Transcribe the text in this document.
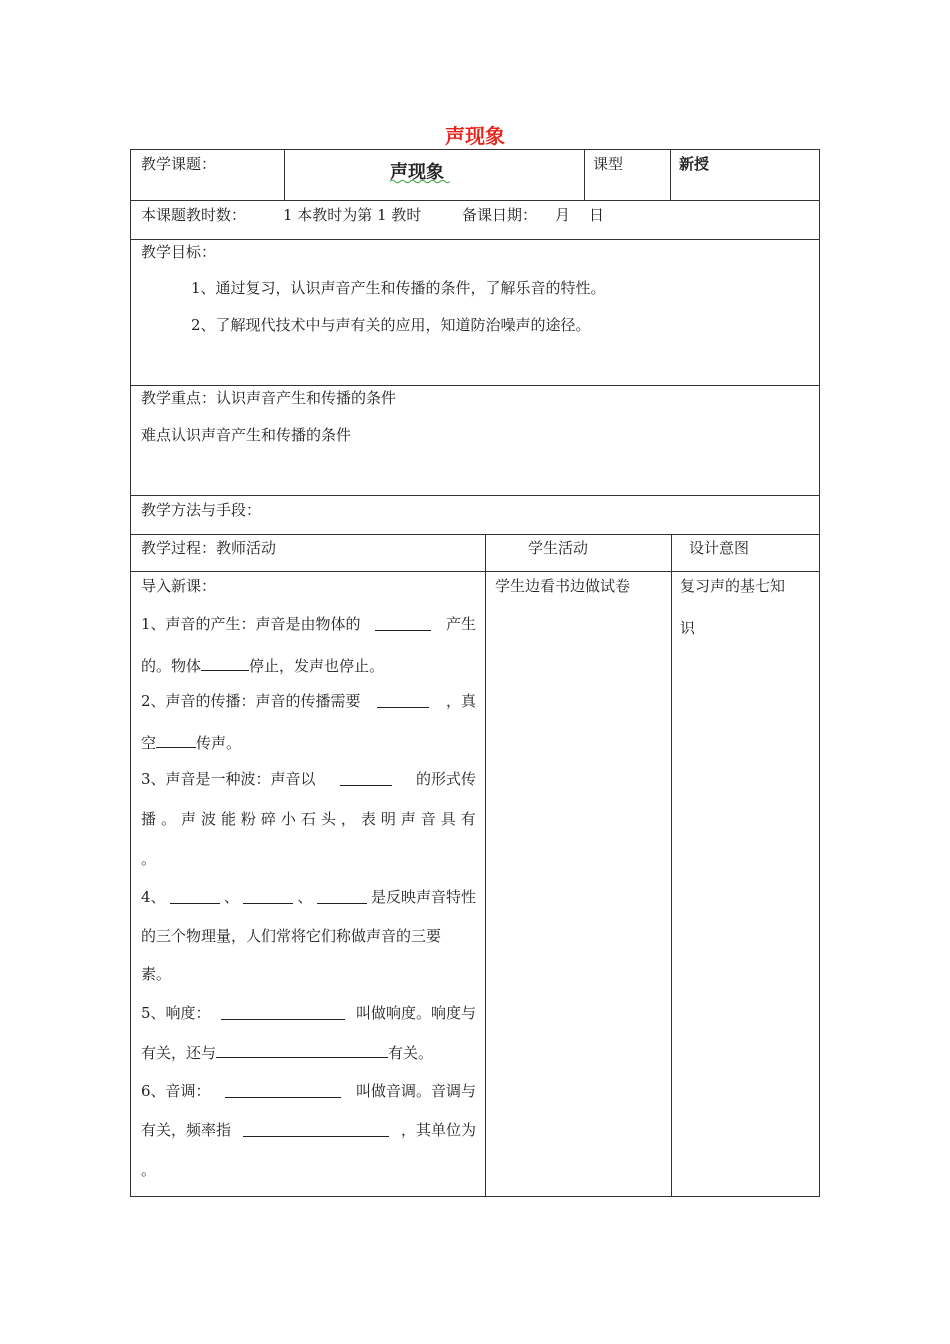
声现象
教学课题：	声现象	课型	新授
本课题教时数： 1 本教时为第 1 教时	备课日期： 月 日
教学目标：
1、通过复习，认识声音产生和传播的条件，了解乐音的特性。
2、了解现代技术中与声有关的应用，知道防治噪声的途径。
教学重点：认识声音产生和传播的条件
难点认识声音产生和传播的条件
教学方法与手段：
教学过程：教师活动	学生活动	设计意图
导入新课：
1、声音的产生：声音是由物体的	产生
的。物体	停止，发声也停止。
2、声音的传播：声音的传播需要	，真
空	传声。
3、声音是一种波：声音以	的形式传
播 。 声 波 能 粉 碎 小 石 头 ， 表 明 声 音 具 有
。
4、	、	、	是反映声音特性
的三个物理量，人们常将它们称做声音的三要
素。
5、响度：	叫做响度。响度与
有关，还与	有关。
6、音调：	叫做音调。音调与
有关，频率指	，其单位为
。
学生边看书边做试卷	复习声的基七知
识
